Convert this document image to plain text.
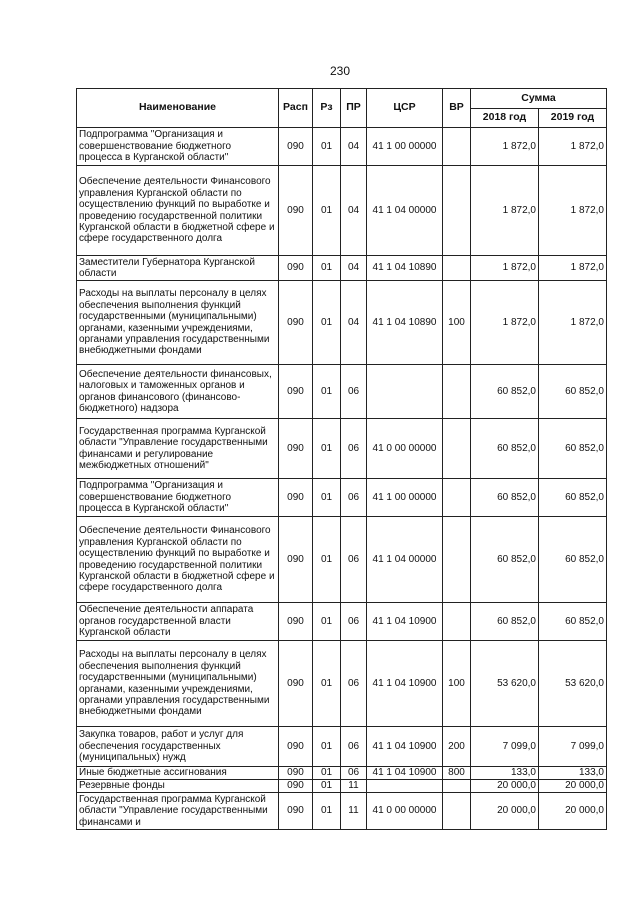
230
Наименование	Расп	Рз	ПР	ЦСР	ВР	Сумма	
						2018 год	2019 год
Подпрограмма "Организация и совершенствование бюджетного процесса в Курганской области"	090	01	04	41 1 00 00000		1 872,0	1 872,0
Обеспечение деятельности Финансового управления Курганской области по осуществлению функций по выработке и проведению государственной политики Курганской области в бюджетной сфере и сфере государственного долга	090	01	04	41 1 04 00000		1 872,0	1 872,0
Заместители Губернатора Курганской области	090	01	04	41 1 04 10890		1 872,0	1 872,0
Расходы на выплаты персоналу в целях обеспечения выполнения функций государственными (муниципальными) органами, казенными учреждениями, органами управления государственными внебюджетными фондами	090	01	04	41 1 04 10890	100	1 872,0	1 872,0
Обеспечение деятельности финансовых, налоговых и таможенных органов и органов финансового (финансово-бюджетного) надзора	090	01	06			60 852,0	60 852,0
Государственная программа Курганской области "Управление государственными финансами и регулирование межбюджетных отношений"	090	01	06	41 0 00 00000		60 852,0	60 852,0
Подпрограмма "Организация и совершенствование бюджетного процесса в Курганской области"	090	01	06	41 1 00 00000		60 852,0	60 852,0
Обеспечение деятельности Финансового управления Курганской области по осуществлению функций по выработке и проведению государственной политики Курганской области в бюджетной сфере и сфере государственного долга	090	01	06	41 1 04 00000		60 852,0	60 852,0
Обеспечение деятельности аппарата органов государственной власти Курганской области	090	01	06	41 1 04 10900		60 852,0	60 852,0
Расходы на выплаты персоналу в целях обеспечения выполнения функций государственными (муниципальными) органами, казенными учреждениями, органами управления государственными внебюджетными фондами	090	01	06	41 1 04 10900	100	53 620,0	53 620,0
Закупка товаров, работ и услуг для обеспечения государственных (муниципальных) нужд	090	01	06	41 1 04 10900	200	7 099,0	7 099,0
Иные бюджетные ассигнования	090	01	06	41 1 04 10900	800	133,0	133,0
Резервные фонды	090	01	11			20 000,0	20 000,0
Государственная программа Курганской области "Управление государственными финансами и	090	01	11	41 0 00 00000		20 000,0	20 000,0
